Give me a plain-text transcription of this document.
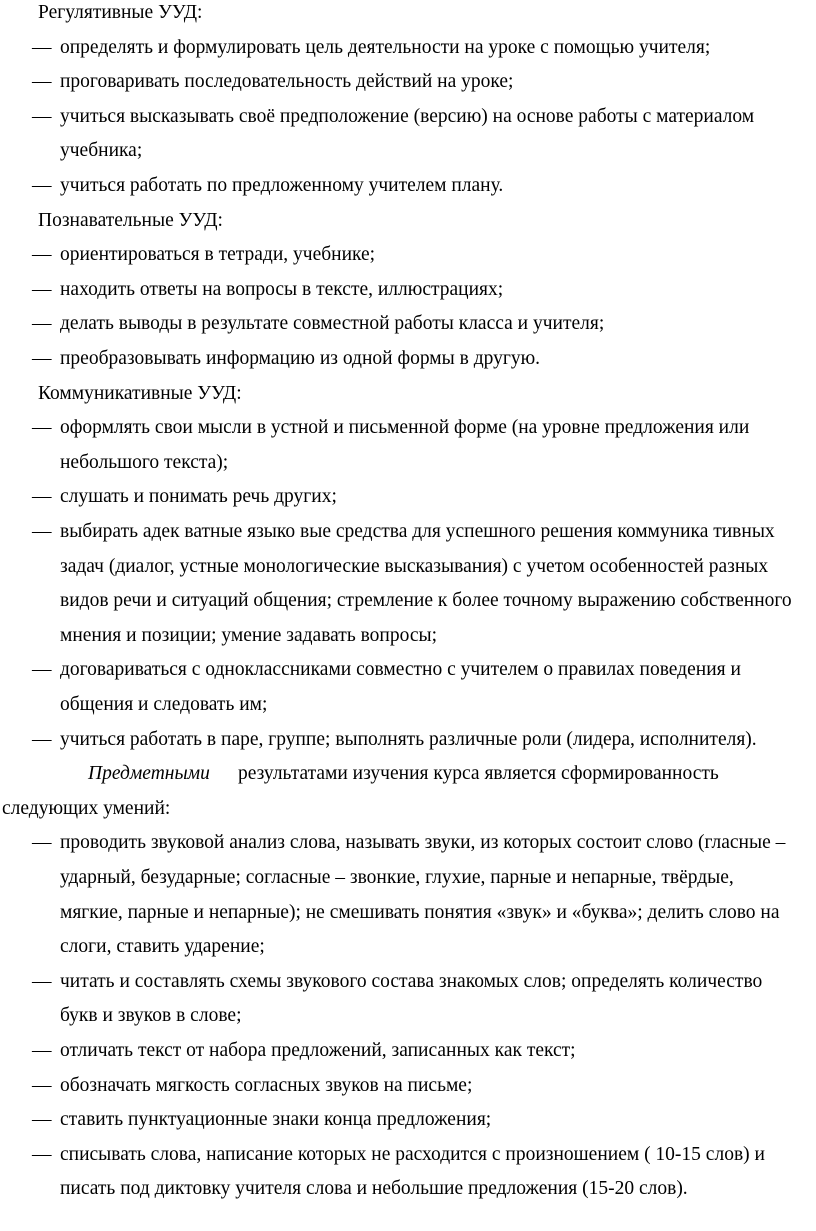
Регулятивные УУД:
— определять и формулировать цель деятельности на уроке с помощью учителя;
— проговаривать последовательность действий на уроке;
— учиться высказывать своё предположение (версию) на основе работы с материалом
учебника;
— учиться работать по предложенному учителем плану.
Познавательные УУД:
— ориентироваться в тетради, учебнике;
— находить ответы на вопросы в тексте, иллюстрациях;
— делать выводы в результате совместной работы класса и учителя;
— преобразовывать информацию из одной формы в другую.
Коммуникативные УУД:
— оформлять свои мысли в устной и письменной форме (на уровне предложения или
небольшого текста);
— слушать и понимать речь других;
— выбирать адек ватные языко вые средства для успешного решения коммуника тивных
задач (диалог, устные монологические высказывания) с учетом особенностей разных
видов речи и ситуаций общения; стремление к более точному выражению собственного
мнения и позиции; умение задавать вопросы;
— договариваться с одноклассниками совместно с учителем о правилах поведения и
общения и следовать им;
— учиться работать в паре, группе; выполнять различные роли (лидера, исполнителя).
Предметными результатами изучения курса является сформированность
следующих умений:
— проводить звуковой анализ слова, называть звуки, из которых состоит слово (гласные –
ударный, безударные; согласные – звонкие, глухие, парные и непарные, твёрдые,
мягкие, парные и непарные); не смешивать понятия «звук» и «буква»; делить слово на
слоги, ставить ударение;
— читать и составлять схемы звукового состава знакомых слов; определять количество
букв и звуков в слове;
— отличать текст от набора предложений, записанных как текст;
— обозначать мягкость согласных звуков на письме;
— ставить пунктуационные знаки конца предложения;
— списывать слова, написание которых не расходится с произношением ( 10-15 слов) и
писать под диктовку учителя слова и небольшие предложения (15-20 слов).
